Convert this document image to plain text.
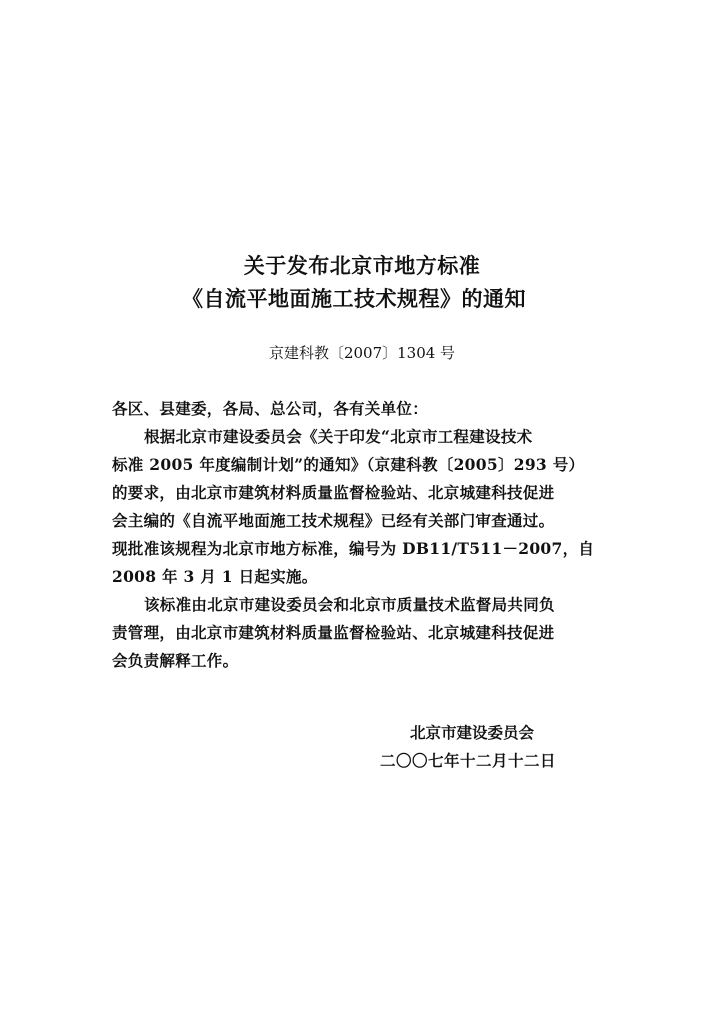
关于发布北京市地方标准
《自流平地面施工技术规程》的通知
京建科教〔2007〕1304 号
各区、县建委，各局、总公司，各有关单位：
根据北京市建设委员会《关于印发“北京市工程建设技术
标准 2005 年度编制计划”的通知》（京建科教〔2005〕293 号）
的要求，由北京市建筑材料质量监督检验站、北京城建科技促进
会主编的《自流平地面施工技术规程》已经有关部门审查通过。
现批准该规程为北京市地方标准，编号为 DB11/T511－2007，自
2008 年 3 月 1 日起实施。
该标准由北京市建设委员会和北京市质量技术监督局共同负
责管理，由北京市建筑材料质量监督检验站、北京城建科技促进
会负责解释工作。
北京市建设委员会
二〇〇七年十二月十二日
